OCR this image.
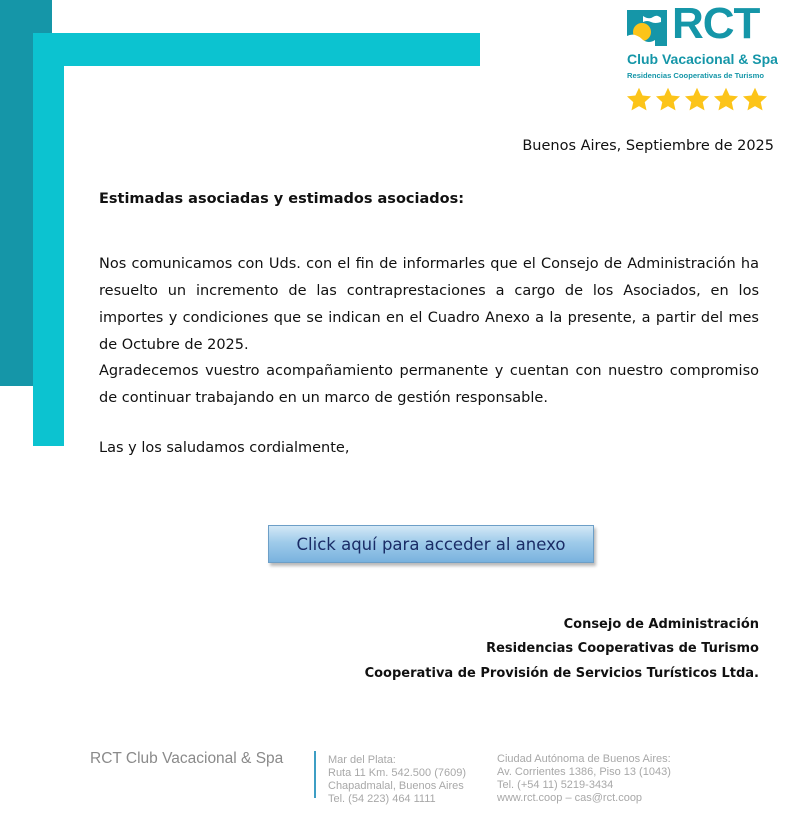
RCT
Club Vacacional & Spa
Residencias Cooperativas de Turismo
Buenos Aires, Septiembre de 2025
Estimadas asociadas y estimados asociados:
Nos comunicamos con Uds. con el fin de informarles que el Consejo de Administración ha resuelto un incremento de las contraprestaciones a cargo de los Asociados, en los importes y condiciones que se indican en el Cuadro Anexo a la presente, a partir del mes de Octubre de 2025.
Agradecemos vuestro acompañamiento permanente y cuentan con nuestro compromiso de continuar trabajando en un marco de gestión responsable.
Las y los saludamos cordialmente,
Click aquí para acceder al anexo
Consejo de Administración
Residencias Cooperativas de Turismo
Cooperativa de Provisión de Servicios Turísticos Ltda.
RCT Club Vacacional & Spa	Mar del Plata:
Ruta 11 Km. 542.500 (7609)
Chapadmalal, Buenos Aires
Tel. (54 223) 464 1111
Ciudad Autónoma de Buenos Aires:
Av. Corrientes 1386, Piso 13 (1043)
Tel. (+54 11) 5219-3434
www.rct.coop – cas@rct.coop
